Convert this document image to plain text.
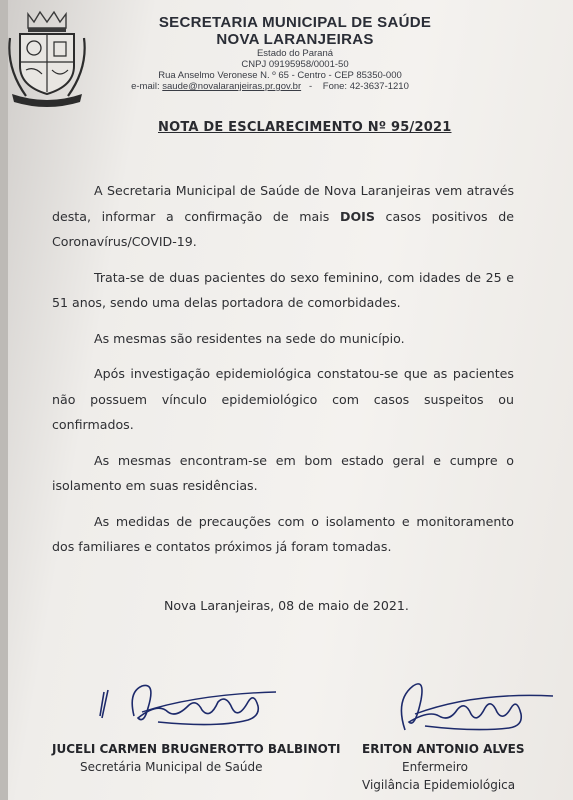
SECRETARIA MUNICIPAL DE SAÚDE
NOVA LARANJEIRAS
Estado do Paraná
CNPJ 09195958/0001-50
Rua Anselmo Veronese N. º 65 - Centro - CEP 85350-000
e-mail: saude@novalaranjeiras.pr.gov.br - Fone: 42-3637-1210
NOTA DE ESCLARECIMENTO Nº 95/2021

A Secretaria Municipal de Saúde de Nova Laranjeiras vem através desta, informar a confirmação de mais DOIS casos positivos de Coronavírus/COVID-19.

Trata-se de duas pacientes do sexo feminino, com idades de 25 e 51 anos, sendo uma delas portadora de comorbidades.

As mesmas são residentes na sede do município.

Após investigação epidemiológica constatou-se que as pacientes não possuem vínculo epidemiológico com casos suspeitos ou confirmados.

As mesmas encontram-se em bom estado geral e cumpre o isolamento em suas residências.

As medidas de precauções com o isolamento e monitoramento dos familiares e contatos próximos já foram tomadas.

Nova Laranjeiras, 08 de maio de 2021.
JUCELI CARMEN BRUGNEROTTO BALBINOTI
Secretária Municipal de Saúde
ERITON ANTONIO ALVES
Enfermeiro
Vigilância Epidemiológica
